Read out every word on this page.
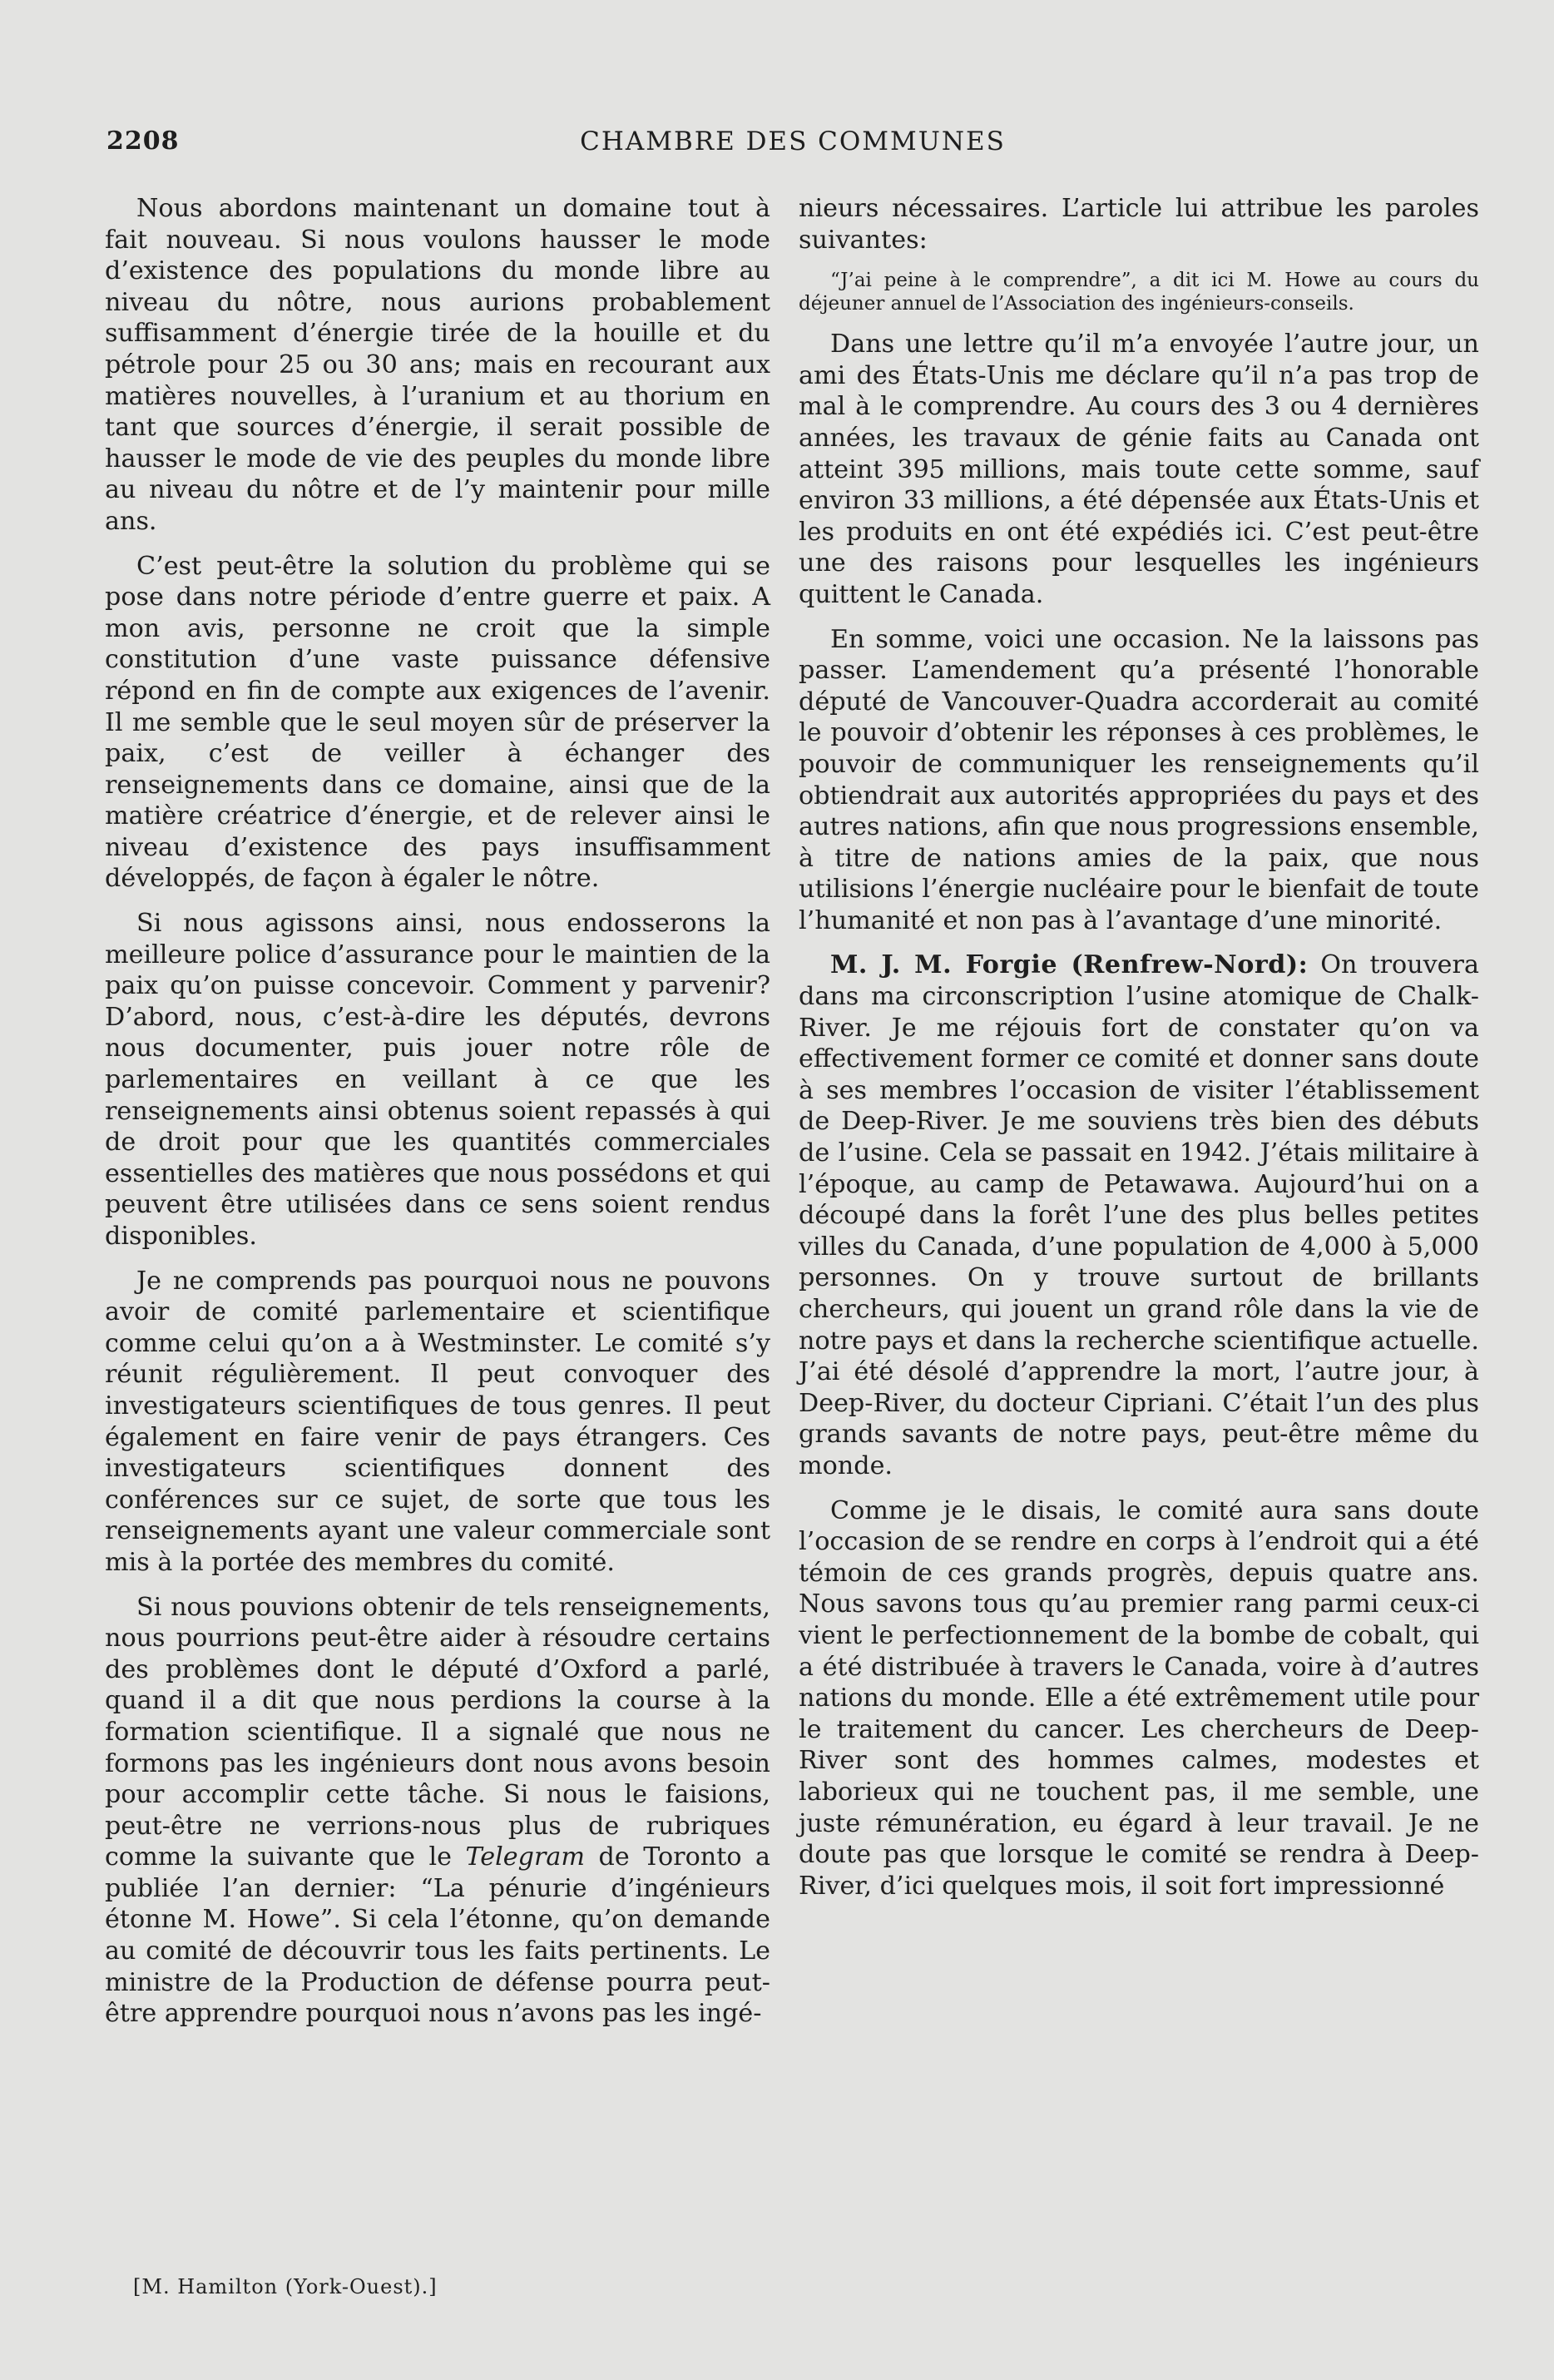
2208	CHAMBRE DES COMMUNES

Nous abordons maintenant un domaine tout à fait nouveau. Si nous voulons hausser le mode d’existence des populations du monde libre au niveau du nôtre, nous aurions probablement suffisamment d’énergie tirée de la houille et du pétrole pour 25 ou 30 ans; mais en recourant aux matières nouvelles, à l’uranium et au thorium en tant que sources d’énergie, il serait possible de hausser le mode de vie des peuples du monde libre au niveau du nôtre et de l’y maintenir pour mille ans.

C’est peut-être la solution du problème qui se pose dans notre période d’entre guerre et paix. A mon avis, personne ne croit que la simple constitution d’une vaste puissance défensive répond en fin de compte aux exigences de l’avenir. Il me semble que le seul moyen sûr de préserver la paix, c’est de veiller à échanger des renseignements dans ce domaine, ainsi que de la matière créatrice d’énergie, et de relever ainsi le niveau d’existence des pays insuffisamment développés, de façon à égaler le nôtre.

Si nous agissons ainsi, nous endosserons la meilleure police d’assurance pour le maintien de la paix qu’on puisse concevoir. Comment y parvenir? D’abord, nous, c’est-à-dire les députés, devrons nous documenter, puis jouer notre rôle de parlementaires en veillant à ce que les renseignements ainsi obtenus soient repassés à qui de droit pour que les quantités commerciales essentielles des matières que nous possédons et qui peuvent être utilisées dans ce sens soient rendus disponibles.

Je ne comprends pas pourquoi nous ne pouvons avoir de comité parlementaire et scientifique comme celui qu’on a à Westminster. Le comité s’y réunit régulièrement. Il peut convoquer des investigateurs scientifiques de tous genres. Il peut également en faire venir de pays étrangers. Ces investigateurs scientifiques donnent des conférences sur ce sujet, de sorte que tous les renseignements ayant une valeur commerciale sont mis à la portée des membres du comité.

Si nous pouvions obtenir de tels renseignements, nous pourrions peut-être aider à résoudre certains des problèmes dont le député d’Oxford a parlé, quand il a dit que nous perdions la course à la formation scientifique. Il a signalé que nous ne formons pas les ingénieurs dont nous avons besoin pour accomplir cette tâche. Si nous le faisions, peut-être ne verrions-nous plus de rubriques comme la suivante que le Telegram de Toronto a publiée l’an dernier: “La pénurie d’ingénieurs étonne M. Howe”. Si cela l’étonne, qu’on demande au comité de découvrir tous les faits pertinents. Le ministre de la Production de défense pourra peut-être apprendre pourquoi nous n’avons pas les ingé-

[M. Hamilton (York-Ouest).]

nieurs nécessaires. L’article lui attribue les paroles suivantes:

“J’ai peine à le comprendre”, a dit ici M. Howe au cours du déjeuner annuel de l’Association des ingénieurs-conseils.

Dans une lettre qu’il m’a envoyée l’autre jour, un ami des États-Unis me déclare qu’il n’a pas trop de mal à le comprendre. Au cours des 3 ou 4 dernières années, les travaux de génie faits au Canada ont atteint 395 millions, mais toute cette somme, sauf environ 33 millions, a été dépensée aux États-Unis et les produits en ont été expédiés ici. C’est peut-être une des raisons pour lesquelles les ingénieurs quittent le Canada.

En somme, voici une occasion. Ne la laissons pas passer. L’amendement qu’a présenté l’honorable député de Vancouver-Quadra accorderait au comité le pouvoir d’obtenir les réponses à ces problèmes, le pouvoir de communiquer les renseignements qu’il obtiendrait aux autorités appropriées du pays et des autres nations, afin que nous progressions ensemble, à titre de nations amies de la paix, que nous utilisions l’énergie nucléaire pour le bienfait de toute l’humanité et non pas à l’avantage d’une minorité.

M. J. M. Forgie (Renfrew-Nord): On trouvera dans ma circonscription l’usine atomique de Chalk-River. Je me réjouis fort de constater qu’on va effectivement former ce comité et donner sans doute à ses membres l’occasion de visiter l’établissement de Deep-River. Je me souviens très bien des débuts de l’usine. Cela se passait en 1942. J’étais militaire à l’époque, au camp de Petawawa. Aujourd’hui on a découpé dans la forêt l’une des plus belles petites villes du Canada, d’une population de 4,000 à 5,000 personnes. On y trouve surtout de brillants chercheurs, qui jouent un grand rôle dans la vie de notre pays et dans la recherche scientifique actuelle. J’ai été désolé d’apprendre la mort, l’autre jour, à Deep-River, du docteur Cipriani. C’était l’un des plus grands savants de notre pays, peut-être même du monde.

Comme je le disais, le comité aura sans doute l’occasion de se rendre en corps à l’endroit qui a été témoin de ces grands progrès, depuis quatre ans. Nous savons tous qu’au premier rang parmi ceux-ci vient le perfectionnement de la bombe de cobalt, qui a été distribuée à travers le Canada, voire à d’autres nations du monde. Elle a été extrêmement utile pour le traitement du cancer. Les chercheurs de Deep-River sont des hommes calmes, modestes et laborieux qui ne touchent pas, il me semble, une juste rémunération, eu égard à leur travail. Je ne doute pas que lorsque le comité se rendra à Deep-River, d’ici quelques mois, il soit fort impressionné
